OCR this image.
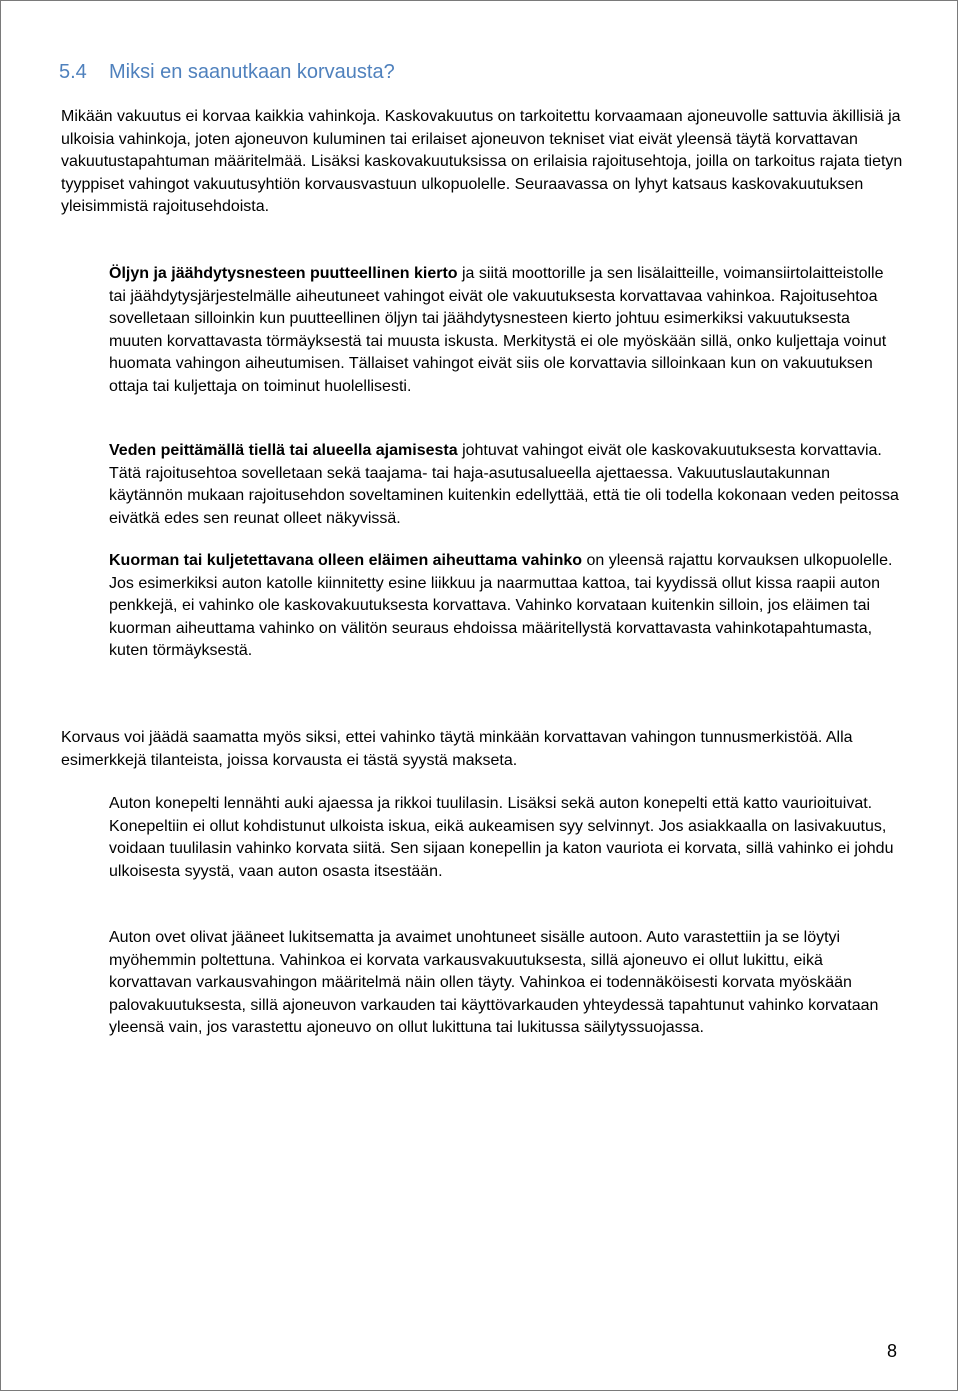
5.4 Miksi en saanutkaan korvausta?

Mikään vakuutus ei korvaa kaikkia vahinkoja. Kaskovakuutus on tarkoitettu korvaamaan ajoneuvolle sattuvia äkillisiä ja ulkoisia vahinkoja, joten ajoneuvon kuluminen tai erilaiset ajoneuvon tekniset viat eivät yleensä täytä korvattavan vakuutustapahtuman määritelmää. Lisäksi kaskovakuutuksissa on erilaisia rajoitusehtoja, joilla on tarkoitus rajata tietyn tyyppiset vahingot vakuutusyhtiön korvausvastuun ulkopuolelle. Seuraavassa on lyhyt katsaus kaskovakuutuksen yleisimmistä rajoitusehdoista.

Öljyn ja jäähdytysnesteen puutteellinen kierto ja siitä moottorille ja sen lisälaitteille, voimansiirtolaitteistolle tai jäähdytysjärjestelmälle aiheutuneet vahingot eivät ole vakuutuksesta korvattavaa vahinkoa. Rajoitusehtoa sovelletaan silloinkin kun puutteellinen öljyn tai jäähdytysnesteen kierto johtuu esimerkiksi vakuutuksesta muuten korvattavasta törmäyksestä tai muusta iskusta. Merkitystä ei ole myöskään sillä, onko kuljettaja voinut huomata vahingon aiheutumisen. Tällaiset vahingot eivät siis ole korvattavia silloinkaan kun on vakuutuksen ottaja tai kuljettaja on toiminut huolellisesti.

Veden peittämällä tiellä tai alueella ajamisesta johtuvat vahingot eivät ole kaskovakuutuksesta korvattavia. Tätä rajoitusehtoa sovelletaan sekä taajama- tai haja-asutusalueella ajettaessa. Vakuutuslautakunnan käytännön mukaan rajoitusehdon soveltaminen kuitenkin edellyttää, että tie oli todella kokonaan veden peitossa eivätkä edes sen reunat olleet näkyvissä.

Kuorman tai kuljetettavana olleen eläimen aiheuttama vahinko on yleensä rajattu korvauksen ulkopuolelle. Jos esimerkiksi auton katolle kiinnitetty esine liikkuu ja naarmuttaa kattoa, tai kyydissä ollut kissa raapii auton penkkejä, ei vahinko ole kaskovakuutuksesta korvattava. Vahinko korvataan kuitenkin silloin, jos eläimen tai kuorman aiheuttama vahinko on välitön seuraus ehdoissa määritellystä korvattavasta vahinkotapahtumasta, kuten törmäyksestä.

Korvaus voi jäädä saamatta myös siksi, ettei vahinko täytä minkään korvattavan vahingon tunnusmerkistöä. Alla esimerkkejä tilanteista, joissa korvausta ei tästä syystä makseta.

Auton konepelti lennähti auki ajaessa ja rikkoi tuulilasin. Lisäksi sekä auton konepelti että katto vaurioituivat. Konepeltiin ei ollut kohdistunut ulkoista iskua, eikä aukeamisen syy selvinnyt. Jos asiakkaalla on lasivakuutus, voidaan tuulilasin vahinko korvata siitä. Sen sijaan konepellin ja katon vauriota ei korvata, sillä vahinko ei johdu ulkoisesta syystä, vaan auton osasta itsestään.

Auton ovet olivat jääneet lukitsematta ja avaimet unohtuneet sisälle autoon. Auto varastettiin ja se löytyi myöhemmin poltettuna. Vahinkoa ei korvata varkausvakuutuksesta, sillä ajoneuvo ei ollut lukittu, eikä korvattavan varkausvahingon määritelmä näin ollen täyty. Vahinkoa ei todennäköisesti korvata myöskään palovakuutuksesta, sillä ajoneuvon varkauden tai käyttövarkauden yhteydessä tapahtunut vahinko korvataan yleensä vain, jos varastettu ajoneuvo on ollut lukittuna tai lukitussa säilytyssuojassa.

8
